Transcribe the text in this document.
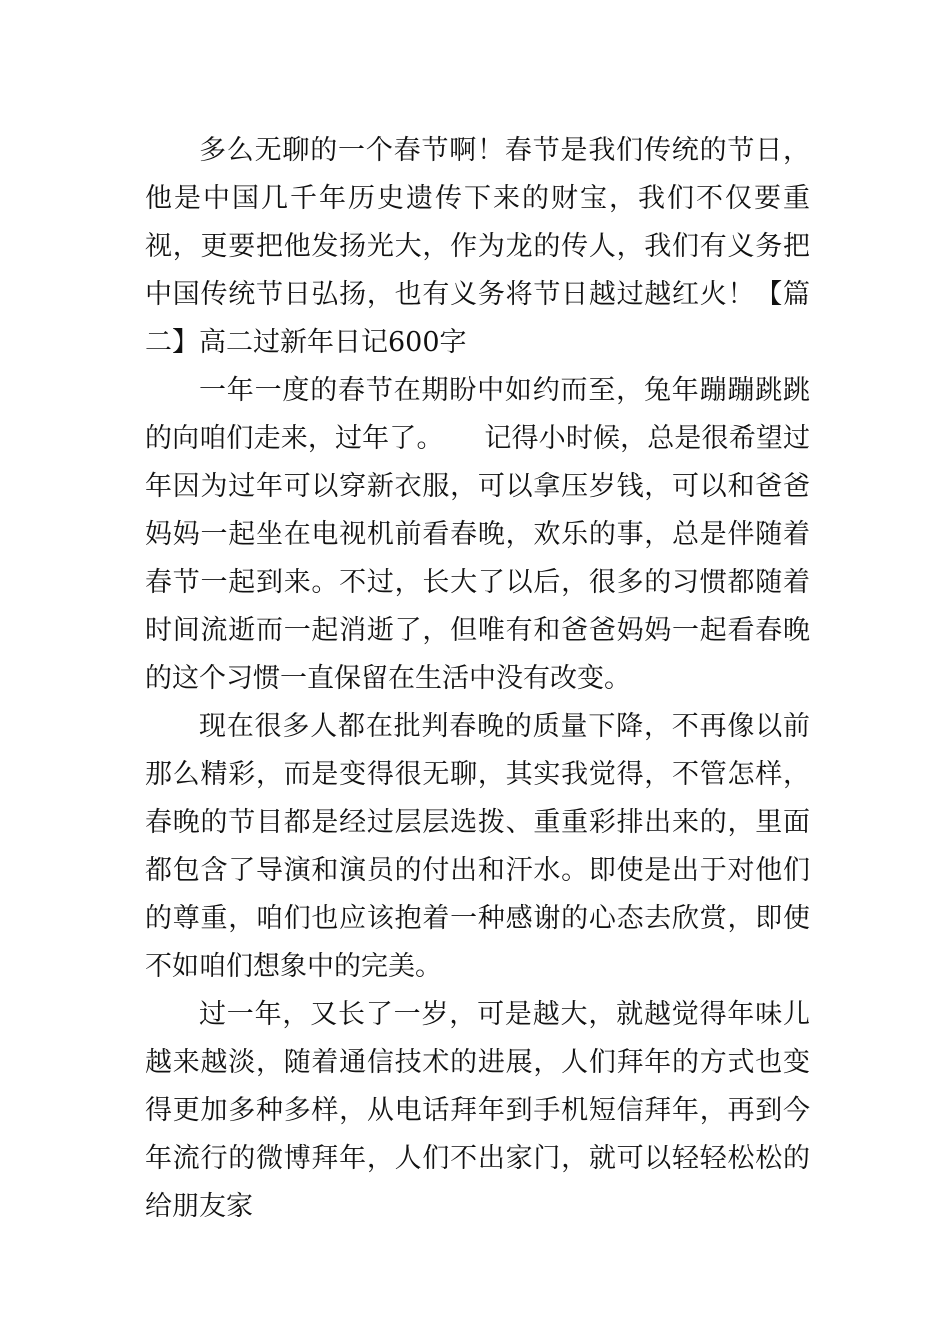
多么无聊的一个春节啊！春节是我们传统的节日，他是中国几千年历史遗传下来的财宝，我们不仅要重视，更要把他发扬光大，作为龙的传人，我们有义务把中国传统节日弘扬，也有义务将节日越过越红火！【篇二】高二过新年日记600字

一年一度的春节在期盼中如约而至，兔年蹦蹦跳跳的向咱们走来，过年了。　　记得小时候，总是很希望过年因为过年可以穿新衣服，可以拿压岁钱，可以和爸爸妈妈一起坐在电视机前看春晚，欢乐的事，总是伴随着春节一起到来。不过，长大了以后，很多的习惯都随着时间流逝而一起消逝了，但唯有和爸爸妈妈一起看春晚的这个习惯一直保留在生活中没有改变。

现在很多人都在批判春晚的质量下降，不再像以前那么精彩，而是变得很无聊，其实我觉得，不管怎样，春晚的节目都是经过层层选拨、重重彩排出来的，里面都包含了导演和演员的付出和汗水。即使是出于对他们的尊重，咱们也应该抱着一种感谢的心态去欣赏，即使不如咱们想象中的完美。

过一年，又长了一岁，可是越大，就越觉得年味儿越来越淡，随着通信技术的进展，人们拜年的方式也变得更加多种多样，从电话拜年到手机短信拜年，再到今年流行的微博拜年，人们不出家门，就可以轻轻松松的给朋友家
